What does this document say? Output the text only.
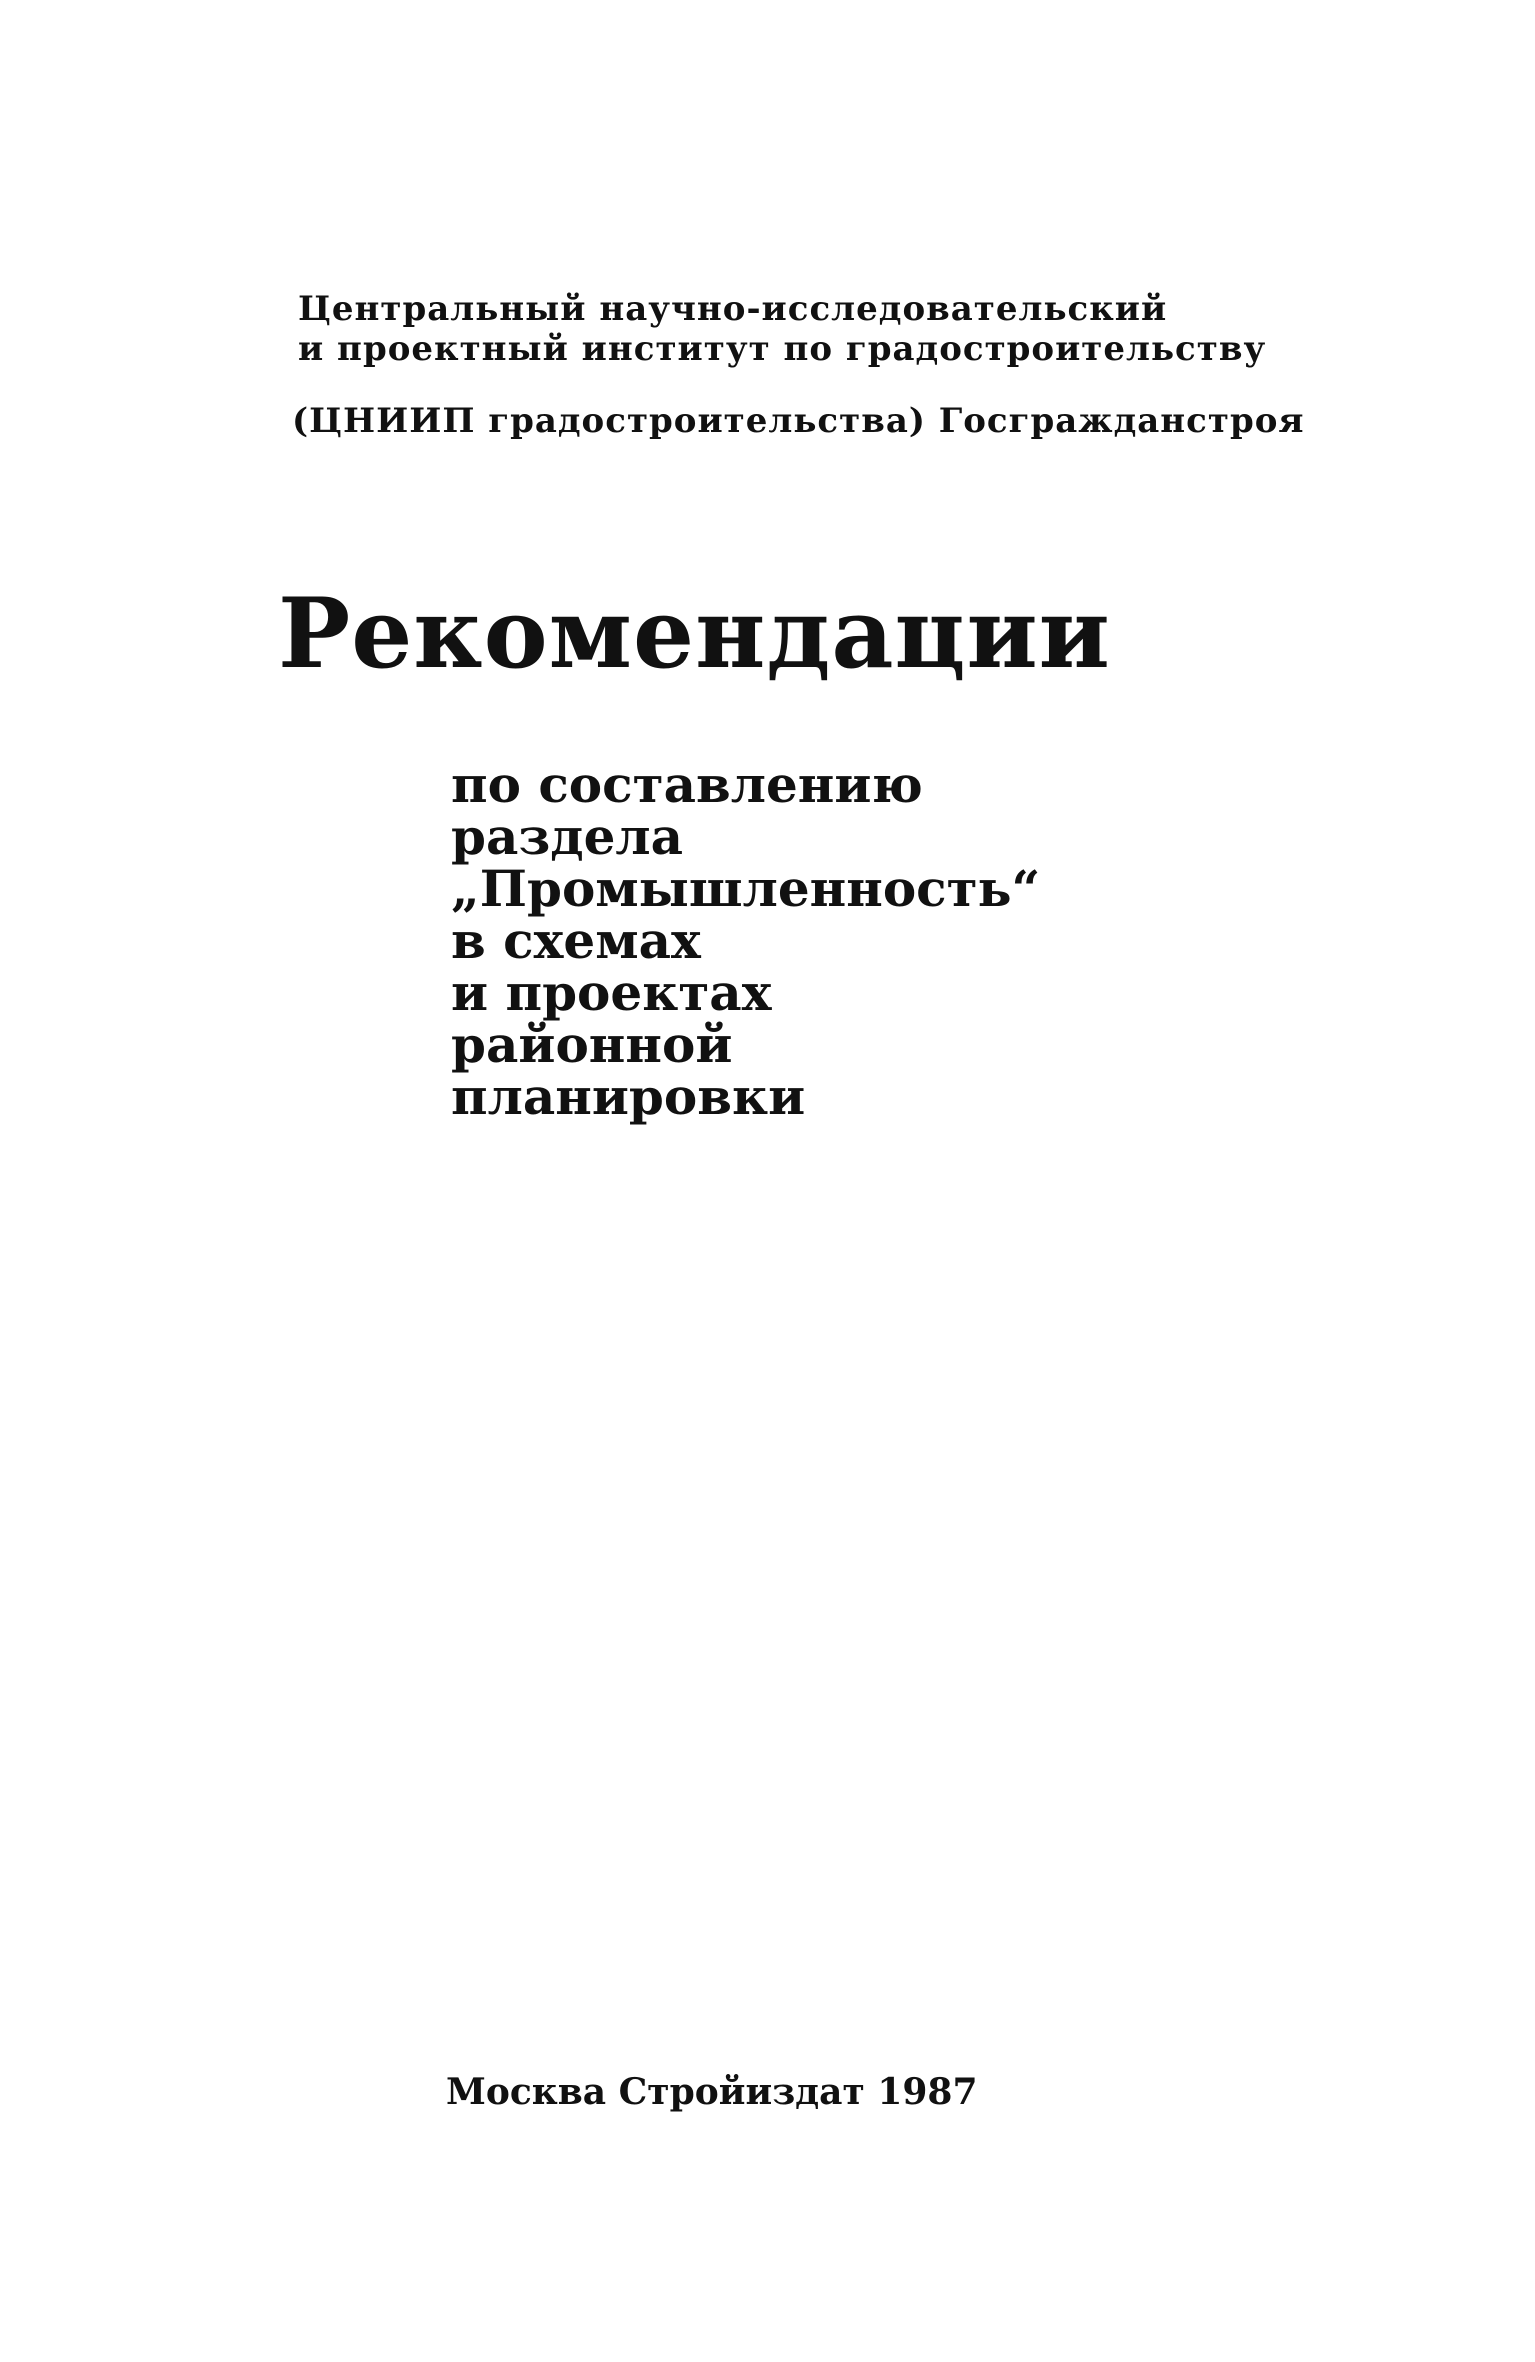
Центральный научно-исследовательский
и проектный институт по градостроительству
(ЦНИИП градостроительства) Госгражданстроя
Рекомендации
по составлению
раздела
„Промышленность“
в схемах
и проектах
районной
планировки
Москва Стройиздат 1987
